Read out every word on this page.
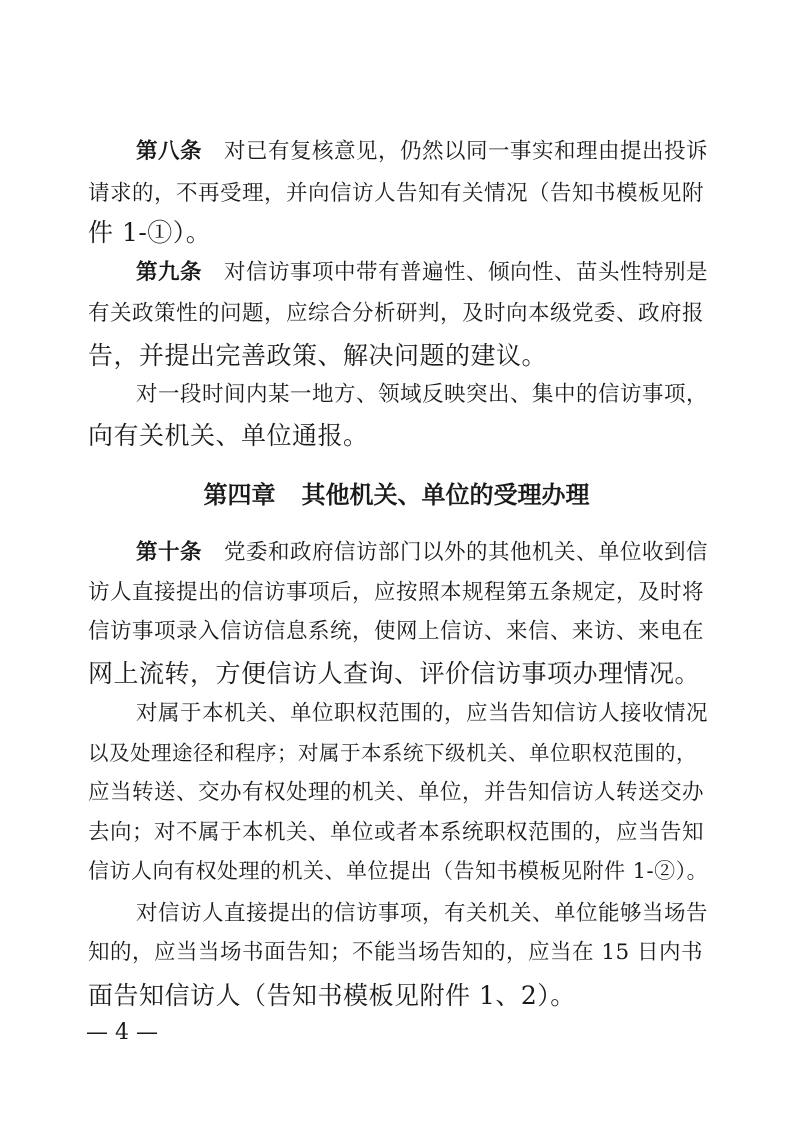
第八条 对已有复核意见，仍然以同一事实和理由提出投诉
请求的，不再受理，并向信访人告知有关情况（告知书模板见附
件 1-①）。
第九条 对信访事项中带有普遍性、倾向性、苗头性特别是
有关政策性的问题，应综合分析研判，及时向本级党委、政府报
告，并提出完善政策、解决问题的建议。
对一段时间内某一地方、领域反映突出、集中的信访事项，
向有关机关、单位通报。
第四章 其他机关、单位的受理办理
第十条 党委和政府信访部门以外的其他机关、单位收到信
访人直接提出的信访事项后，应按照本规程第五条规定，及时将
信访事项录入信访信息系统，使网上信访、来信、来访、来电在
网上流转，方便信访人查询、评价信访事项办理情况。
对属于本机关、单位职权范围的，应当告知信访人接收情况
以及处理途径和程序；对属于本系统下级机关、单位职权范围的，
应当转送、交办有权处理的机关、单位，并告知信访人转送交办
去向；对不属于本机关、单位或者本系统职权范围的，应当告知
信访人向有权处理的机关、单位提出（告知书模板见附件 1-②）。
对信访人直接提出的信访事项，有关机关、单位能够当场告
知的，应当当场书面告知；不能当场告知的，应当在 15 日内书
面告知信访人（告知书模板见附件 1、2）。
— 4 —
